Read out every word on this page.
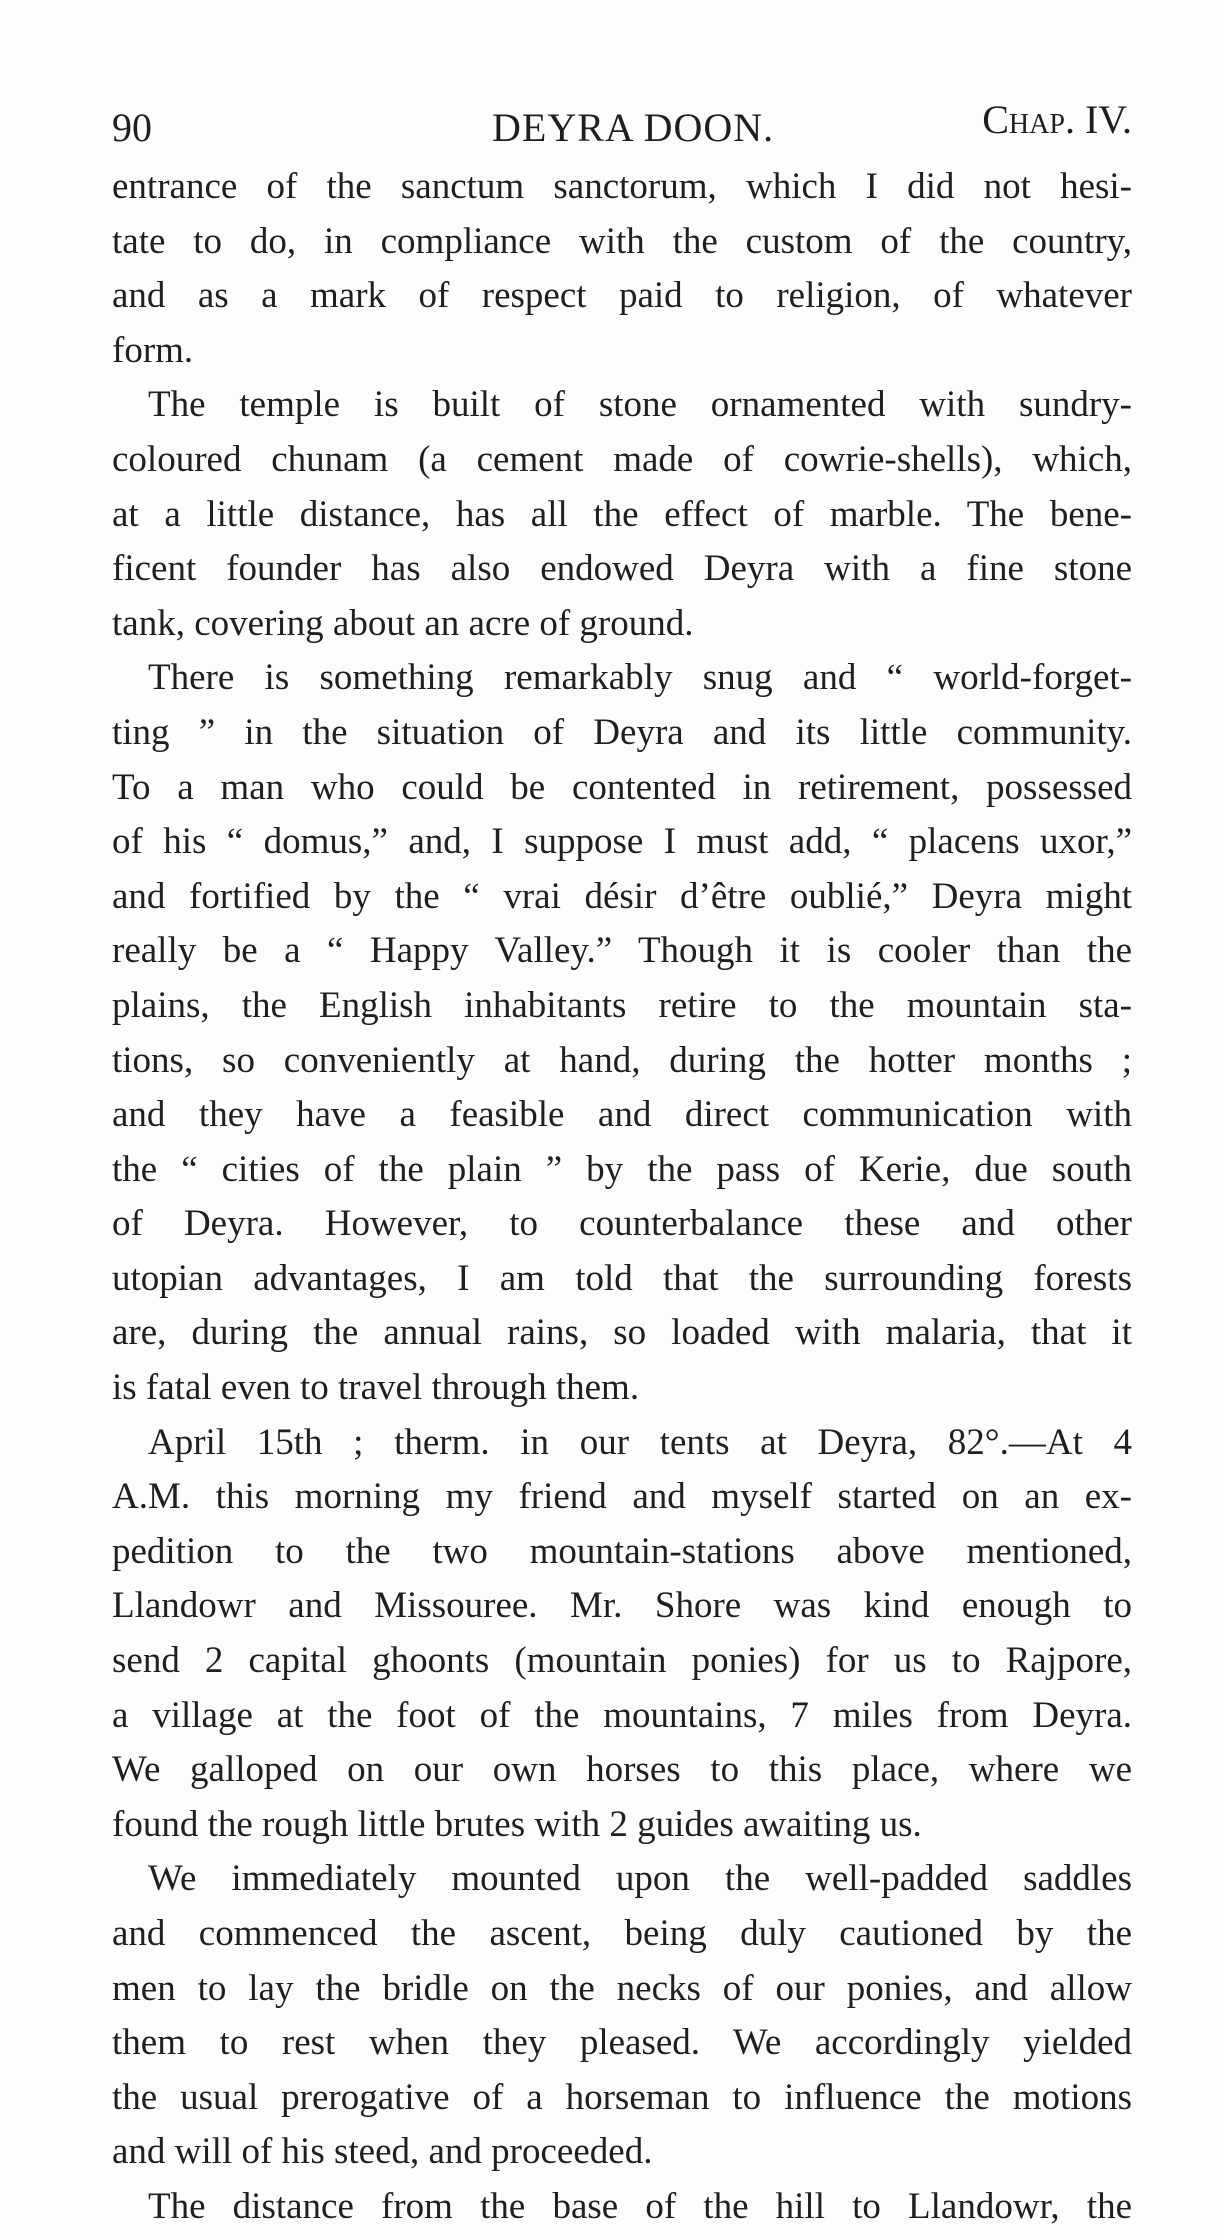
90	DEYRA DOON.	Chap. IV.
entrance of the sanctum sanctorum, which I did not hesi-
tate to do, in compliance with the custom of the country,
and as a mark of respect paid to religion, of whatever
form.
The temple is built of stone ornamented with sundry-
coloured chunam (a cement made of cowrie-shells), which,
at a little distance, has all the effect of marble. The bene-
ficent founder has also endowed Deyra with a fine stone
tank, covering about an acre of ground.
There is something remarkably snug and “ world-forget-
ting ” in the situation of Deyra and its little community.
To a man who could be contented in retirement, possessed
of his “ domus,” and, I suppose I must add, “ placens uxor,”
and fortified by the “ vrai désir d’être oublié,” Deyra might
really be a “ Happy Valley.” Though it is cooler than the
plains, the English inhabitants retire to the mountain sta-
tions, so conveniently at hand, during the hotter months ;
and they have a feasible and direct communication with
the “ cities of the plain ” by the pass of Kerie, due south
of Deyra. However, to counterbalance these and other
utopian advantages, I am told that the surrounding forests
are, during the annual rains, so loaded with malaria, that it
is fatal even to travel through them.
April 15th ; therm. in our tents at Deyra, 82°.—At 4
A.M. this morning my friend and myself started on an ex-
pedition to the two mountain-stations above mentioned,
Llandowr and Missouree. Mr. Shore was kind enough to
send 2 capital ghoonts (mountain ponies) for us to Rajpore,
a village at the foot of the mountains, 7 miles from Deyra.
We galloped on our own horses to this place, where we
found the rough little brutes with 2 guides awaiting us.
We immediately mounted upon the well-padded saddles
and commenced the ascent, being duly cautioned by the
men to lay the bridle on the necks of our ponies, and allow
them to rest when they pleased. We accordingly yielded
the usual prerogative of a horseman to influence the motions
and will of his steed, and proceeded.
The distance from the base of the hill to Llandowr, the
